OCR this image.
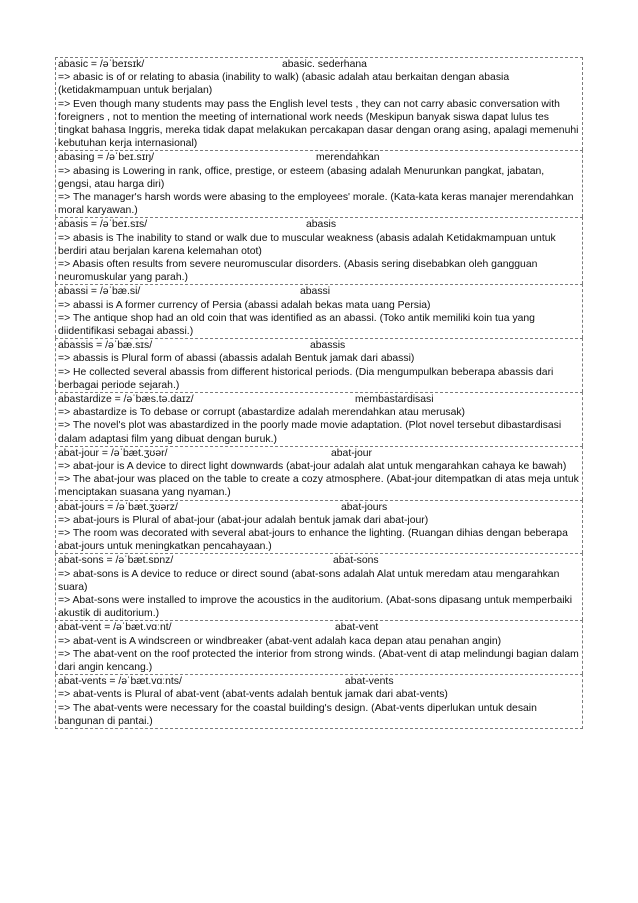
abasic = /əˈbeɪsɪk/	abasic. sederhana
=> abasic is of or relating to abasia (inability to walk) (abasic adalah atau berkaitan dengan abasia (ketidakmampuan untuk berjalan)
=> Even though many students may pass the English level tests , they can not carry abasic conversation with foreigners , not to mention the meeting of international work needs (Meskipun banyak siswa dapat lulus tes tingkat bahasa Inggris, mereka tidak dapat melakukan percakapan dasar dengan orang asing, apalagi memenuhi kebutuhan kerja internasional)
abasing = /əˈbeɪ.sɪŋ/	merendahkan
=> abasing is Lowering in rank, office, prestige, or esteem (abasing adalah Menurunkan pangkat, jabatan, gengsi, atau harga diri)
=> The manager's harsh words were abasing to the employees' morale. (Kata-kata keras manajer merendahkan moral karyawan.)
abasis = /əˈbeɪ.sɪs/	abasis
=> abasis is The inability to stand or walk due to muscular weakness (abasis adalah Ketidakmampuan untuk berdiri atau berjalan karena kelemahan otot)
=> Abasis often results from severe neuromuscular disorders. (Abasis sering disebabkan oleh gangguan neuromuskular yang parah.)
abassi = /əˈbæ.si/	abassi
=> abassi is A former currency of Persia (abassi adalah bekas mata uang Persia)
=> The antique shop had an old coin that was identified as an abassi. (Toko antik memiliki koin tua yang diidentifikasi sebagai abassi.)
abassis = /əˈbæ.sɪs/	abassis
=> abassis is Plural form of abassi (abassis adalah Bentuk jamak dari abassi)
=> He collected several abassis from different historical periods. (Dia mengumpulkan beberapa abassis dari berbagai periode sejarah.)
abastardize = /əˈbæs.tə.daɪz/	membastardisasi
=> abastardize is To debase or corrupt (abastardize adalah merendahkan atau merusak)
=> The novel's plot was abastardized in the poorly made movie adaptation. (Plot novel tersebut dibastardisasi dalam adaptasi film yang dibuat dengan buruk.)
abat-jour = /əˈbæt.ʒʊər/	abat-jour
=> abat-jour is A device to direct light downwards (abat-jour adalah alat untuk mengarahkan cahaya ke bawah)
=> The abat-jour was placed on the table to create a cozy atmosphere. (Abat-jour ditempatkan di atas meja untuk menciptakan suasana yang nyaman.)
abat-jours = /əˈbæt.ʒʊərz/	abat-jours
=> abat-jours is Plural of abat-jour (abat-jour adalah bentuk jamak dari abat-jour)
=> The room was decorated with several abat-jours to enhance the lighting. (Ruangan dihias dengan beberapa abat-jours untuk meningkatkan pencahayaan.)
abat-sons = /əˈbæt.sɒnz/	abat-sons
=> abat-sons is A device to reduce or direct sound (abat-sons adalah Alat untuk meredam atau mengarahkan suara)
=> Abat-sons were installed to improve the acoustics in the auditorium. (Abat-sons dipasang untuk memperbaiki akustik di auditorium.)
abat-vent = /əˈbæt.vɑːnt/	abat-vent
=> abat-vent is A windscreen or windbreaker (abat-vent adalah kaca depan atau penahan angin)
=> The abat-vent on the roof protected the interior from strong winds. (Abat-vent di atap melindungi bagian dalam dari angin kencang.)
abat-vents = /əˈbæt.vɑːnts/	abat-vents
=> abat-vents is Plural of abat-vent (abat-vents adalah bentuk jamak dari abat-vents)
=> The abat-vents were necessary for the coastal building's design. (Abat-vents diperlukan untuk desain bangunan di pantai.)
